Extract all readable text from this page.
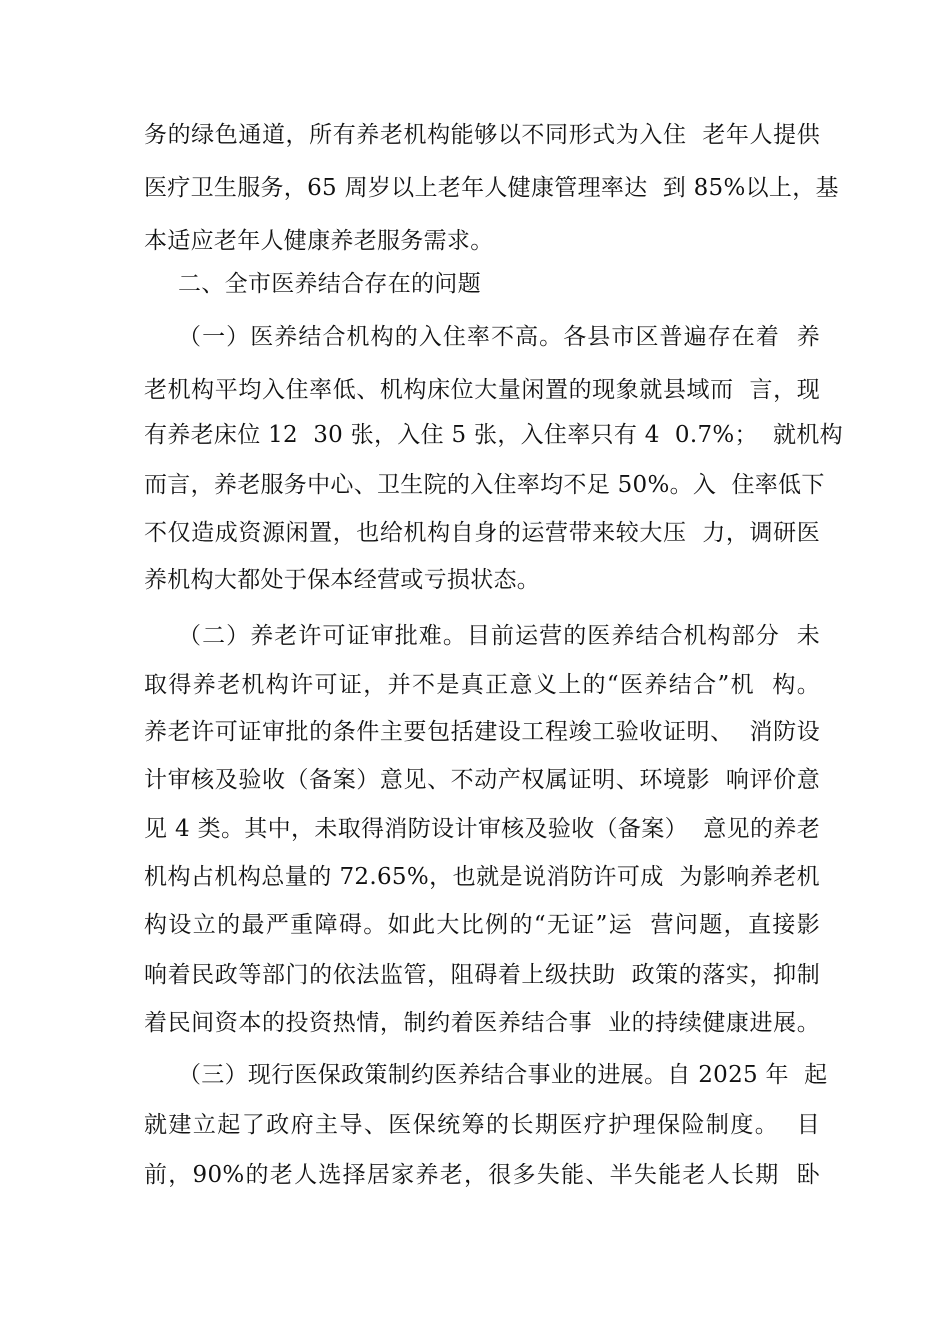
务的绿色通道，所有养老机构能够以不同形式为入住  老年人提供
医疗卫生服务，65 周岁以上老年人健康管理率达  到 85%以上，基
本适应老年人健康养老服务需求。
二、全市医养结合存在的问题
（一）医养结合机构的入住率不高。各县市区普遍存在着  养
老机构平均入住率低、机构床位大量闲置的现象就县域而  言，现
有养老床位 12  30 张，入住 5 张，入住率只有 4  0.7%；  就机构
而言，养老服务中心、卫生院的入住率均不足 50%。入  住率低下
不仅造成资源闲置，也给机构自身的运营带来较大压  力，调研医
养机构大都处于保本经营或亏损状态。
（二）养老许可证审批难。目前运营的医养结合机构部分  未
取得养老机构许可证，并不是真正意义上的“医养结合”机  构。
养老许可证审批的条件主要包括建设工程竣工验收证明、  消防设
计审核及验收（备案）意见、不动产权属证明、环境影  响评价意
见 4 类。其中，未取得消防设计审核及验收（备案）  意见的养老
机构占机构总量的 72.65%，也就是说消防许可成  为影响养老机
构设立的最严重障碍。如此大比例的“无证”运  营问题，直接影
响着民政等部门的依法监管，阻碍着上级扶助  政策的落实，抑制
着民间资本的投资热情，制约着医养结合事  业的持续健康进展。
（三）现行医保政策制约医养结合事业的进展。自 2025 年  起
就建立起了政府主导、医保统筹的长期医疗护理保险制度。  目
前，90%的老人选择居家养老，很多失能、半失能老人长期  卧
